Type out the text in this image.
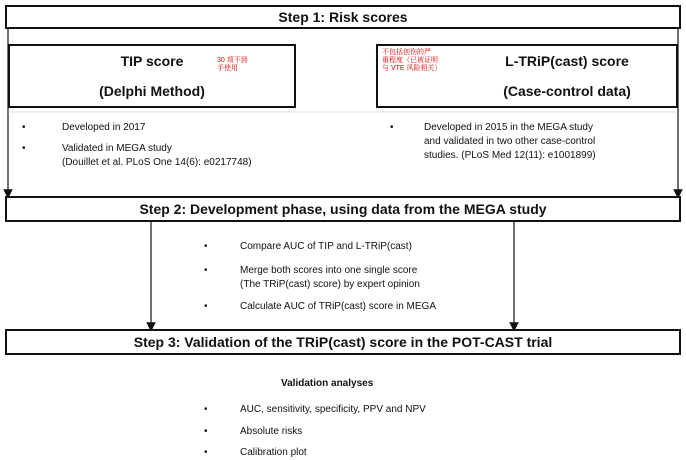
Step 1: Risk scores
TIP score
(Delphi Method)
30 项不到
手使用	L-TRiP(cast) score
(Case-control data)
不包括创伤的严
重程度（已被证明
与 VTE 风险相关）
•	Developed in 2017
•	Validated in MEGA study
(Douillet et al. PLoS One 14(6): e0217748)
•	Developed in 2015 in the MEGA study
and validated in two other case-control
studies. (PLoS Med 12(11): e1001899)
Step 2: Development phase, using data from the MEGA study
•	Compare AUC of TIP and L-TRiP(cast)
•	Merge both scores into one single score
(The TRiP(cast) score) by expert opinion
•	Calculate AUC of TRiP(cast) score in MEGA
Step 3: Validation of the TRiP(cast) score in the POT-CAST trial
Validation analyses
•	AUC, sensitivity, specificity, PPV and NPV
•	Absolute risks
•	Calibration plot
